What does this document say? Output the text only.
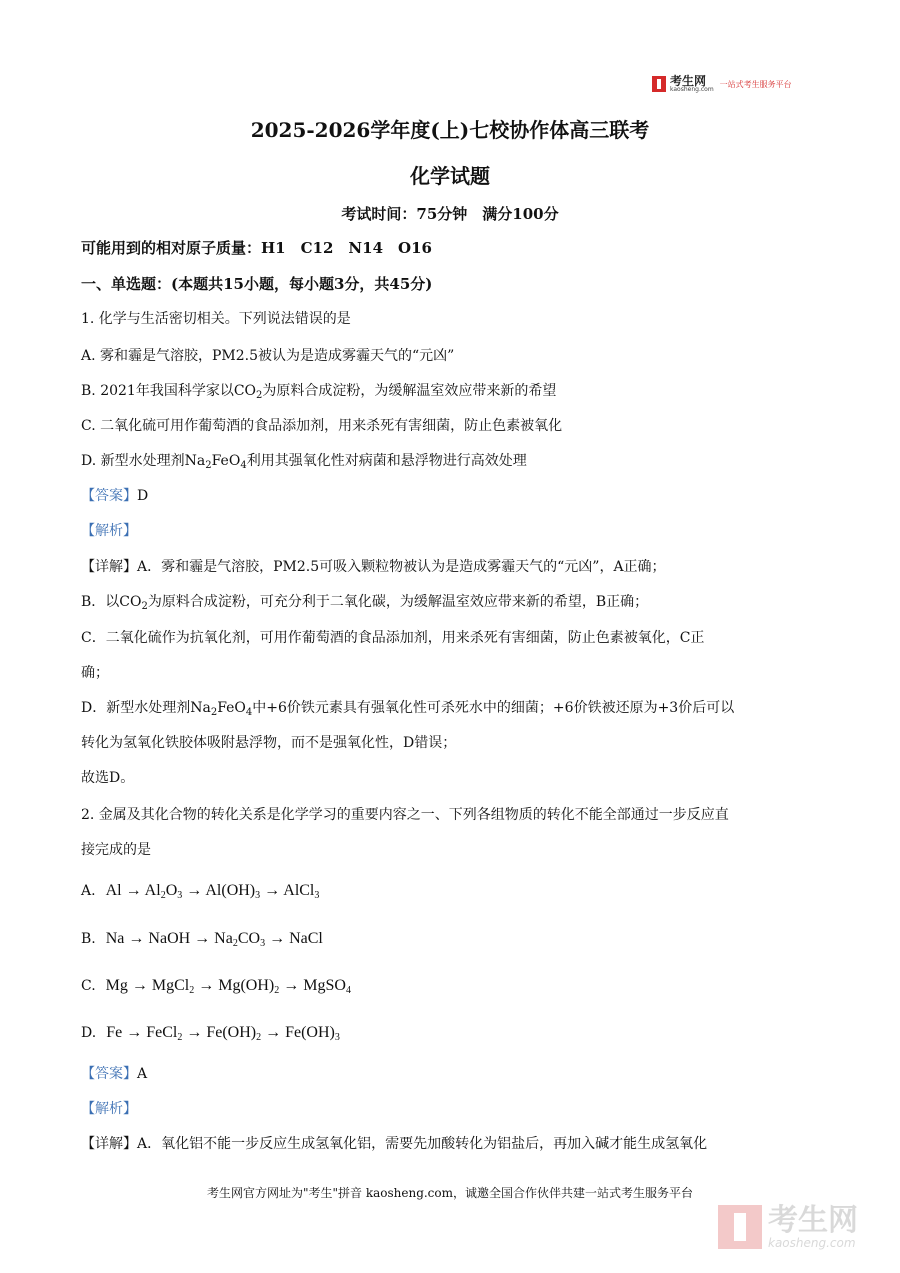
考生网
kaosheng.com
一站式考生服务平台
2025-2026学年度(上)七校协作体高三联考
化学试题
考试时间：75分钟　满分100分
可能用到的相对原子质量：H1　C12　N14　O16
一、单选题：(本题共15小题，每小题3分，共45分)
1. 化学与生活密切相关。下列说法错误的是
A. 雾和霾是气溶胶，PM2.5被认为是造成雾霾天气的“元凶”
B. 2021年我国科学家以$CO_2$为原料合成淀粉，为缓解温室效应带来新的希望
C. 二氧化硫可用作葡萄酒的食品添加剂，用来杀死有害细菌，防止色素被氧化
D. 新型水处理剂$Na_2FeO_4$利用其强氧化性对病菌和悬浮物进行高效处理
【答案】D
【解析】
【详解】A．雾和霾是气溶胶，PM2.5可吸入颗粒物被认为是造成雾霾天气的“元凶”，A正确；
B．以$CO_2$为原料合成淀粉，可充分利于二氧化碳，为缓解温室效应带来新的希望，B正确；
C．二氧化硫作为抗氧化剂，可用作葡萄酒的食品添加剂，用来杀死有害细菌，防止色素被氧化，C正
确；
D．新型水处理剂$Na_2FeO_4$中+6价铁元素具有强氧化性可杀死水中的细菌；+6价铁被还原为+3价后可以
转化为氢氧化铁胶体吸附悬浮物，而不是强氧化性，D错误；
故选D。
2. 金属及其化合物的转化关系是化学学习的重要内容之一、下列各组物质的转化不能全部通过一步反应直
接完成的是
A. $Al \to Al_2O_3 \to Al(OH)_3$ → AlCl$_3$
B. Na → NaOH → $Na_2CO_3$ → NaCl
C. Mg → MgCl$_2$ → $Mg(OH)_2$ → MgSO$_4$
D. Fe → FeCl$_2$ → $Fe(OH)_2 \to Fe(OH)_3$
【答案】A
【解析】
【详解】A．氧化铝不能一步反应生成氢氧化铝，需要先加酸转化为铝盐后，再加入碱才能生成氢氧化
考生网官方网址为"考生"拼音 kaosheng.com，诚邀全国合作伙伴共建一站式考生服务平台
考生网
kaosheng.com
